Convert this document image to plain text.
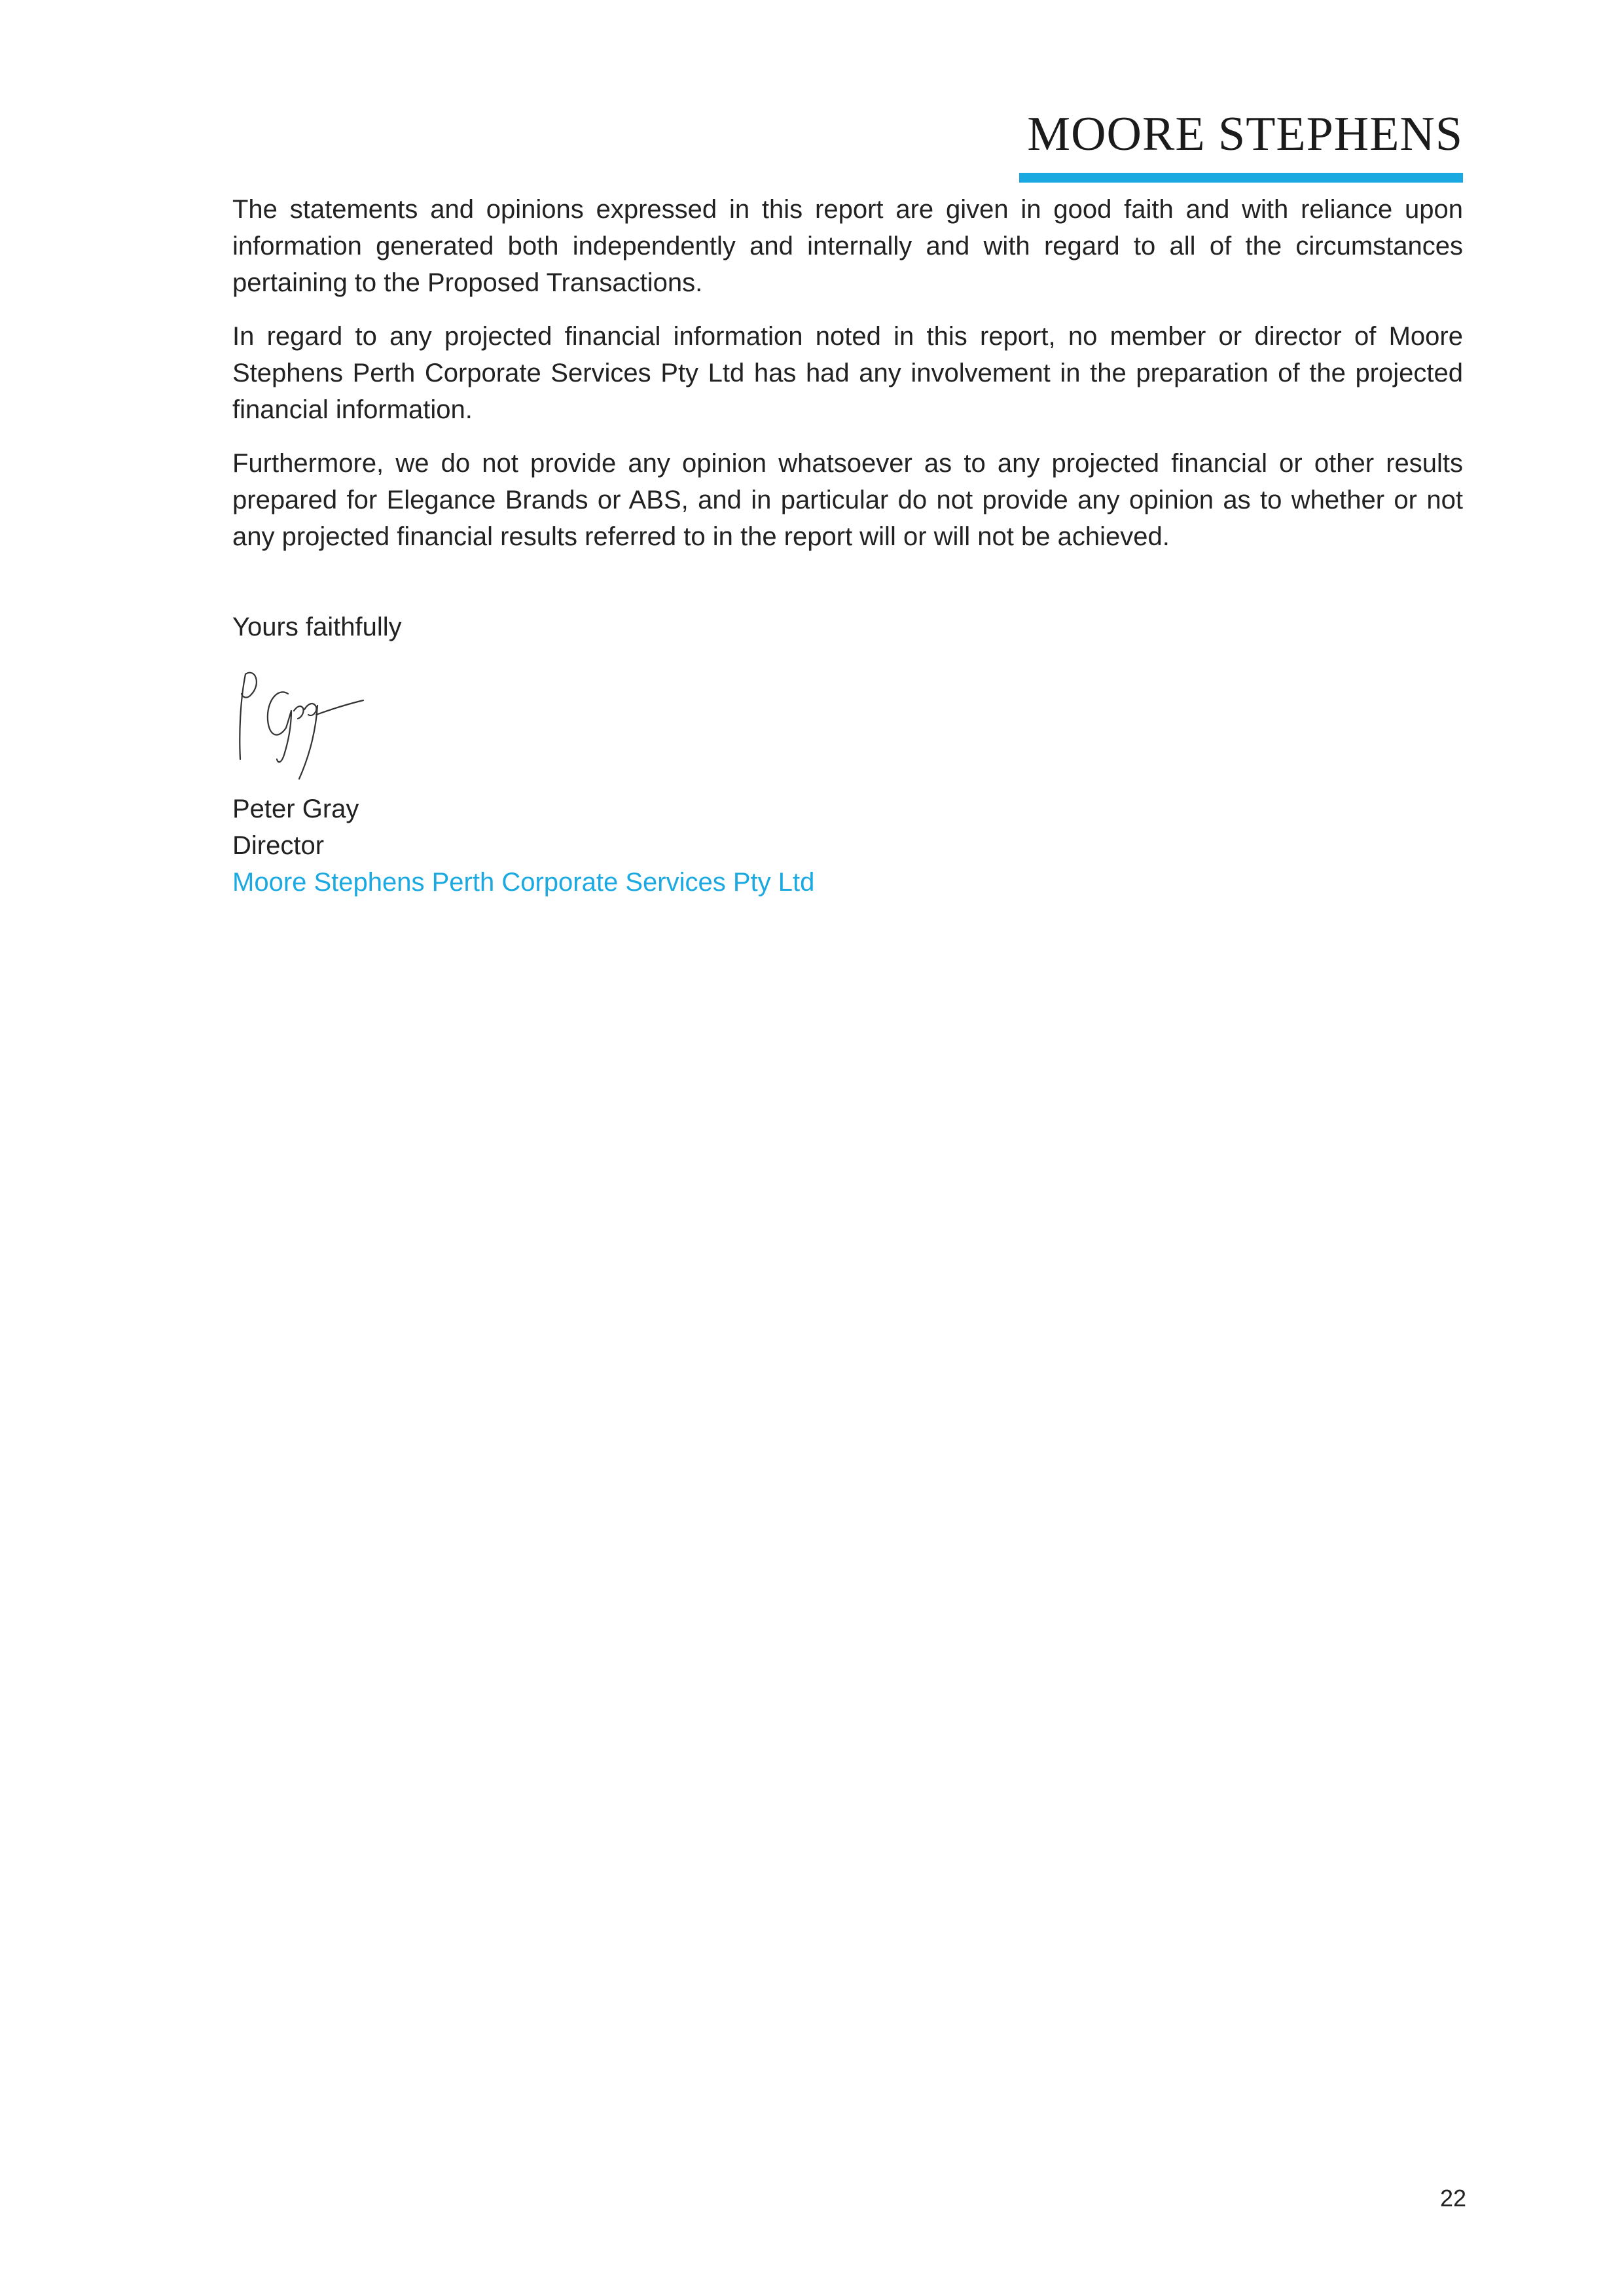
MOORE STEPHENS

The statements and opinions expressed in this report are given in good faith and with reliance upon information generated both independently and internally and with regard to all of the circumstances pertaining to the Proposed Transactions.

In regard to any projected financial information noted in this report, no member or director of Moore Stephens Perth Corporate Services Pty Ltd has had any involvement in the preparation of the projected financial information.

Furthermore, we do not provide any opinion whatsoever as to any projected financial or other results prepared for Elegance Brands or ABS, and in particular do not provide any opinion as to whether or not any projected financial results referred to in the report will or will not be achieved.

Yours faithfully
Peter Gray
Director
Moore Stephens Perth Corporate Services Pty Ltd
22
